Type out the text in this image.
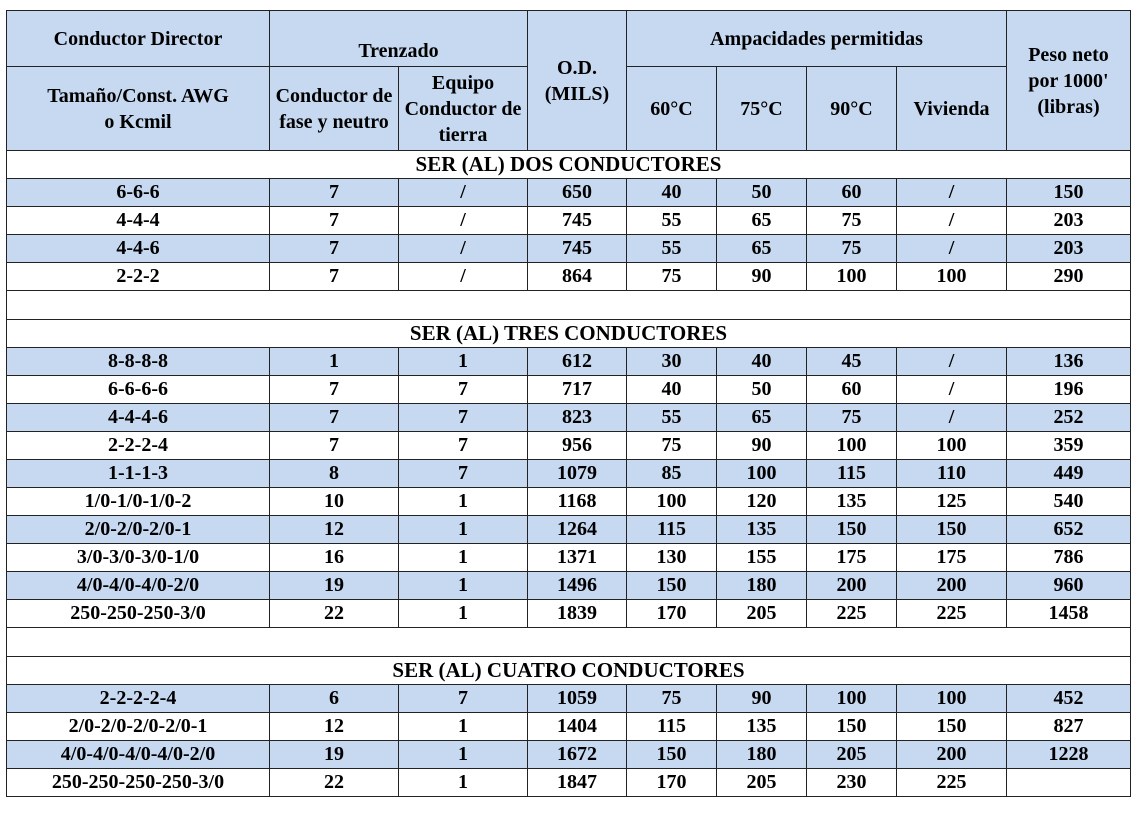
Conductor Director	Trenzado		O.D. (MILS)	Ampacidades permitidas				Peso neto por 1000' (libras)
Tamaño/Const. AWG o Kcmil	Conductor de fase y neutro	Equipo Conductor de tierra		60°C	75°C	90°C	Vivienda	
SER (AL) DOS CONDUCTORES								
6-6-6	7	/	650	40	50	60	/	150
4-4-4	7	/	745	55	65	75	/	203
4-4-6	7	/	745	55	65	75	/	203
2-2-2	7	/	864	75	90	100	100	290

SER (AL) TRES CONDUCTORES								
8-8-8-8	1	1	612	30	40	45	/	136
6-6-6-6	7	7	717	40	50	60	/	196
4-4-4-6	7	7	823	55	65	75	/	252
2-2-2-4	7	7	956	75	90	100	100	359
1-1-1-3	8	7	1079	85	100	115	110	449
1/0-1/0-1/0-2	10	1	1168	100	120	135	125	540
2/0-2/0-2/0-1	12	1	1264	115	135	150	150	652
3/0-3/0-3/0-1/0	16	1	1371	130	155	175	175	786
4/0-4/0-4/0-2/0	19	1	1496	150	180	200	200	960
250-250-250-3/0	22	1	1839	170	205	225	225	1458

SER (AL) CUATRO CONDUCTORES								
2-2-2-2-4	6	7	1059	75	90	100	100	452
2/0-2/0-2/0-2/0-1	12	1	1404	115	135	150	150	827
4/0-4/0-4/0-4/0-2/0	19	1	1672	150	180	205	200	1228
250-250-250-250-3/0	22	1	1847	170	205	230	225	
